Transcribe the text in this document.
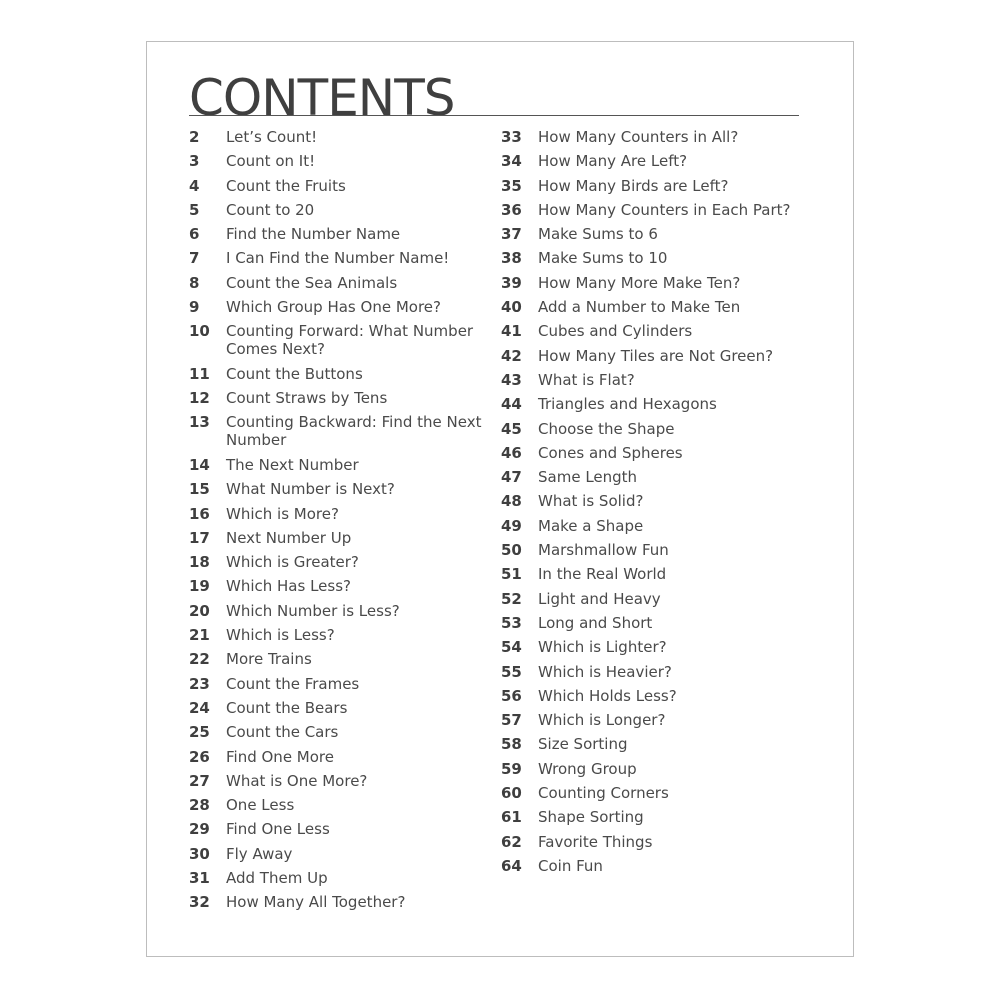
CONTENTS
2 Let’s Count!
3 Count on It!
4 Count the Fruits
5 Count to 20
6 Find the Number Name
7 I Can Find the Number Name!
8 Count the Sea Animals
9 Which Group Has One More?
10 Counting Forward: What Number Comes Next?
11 Count the Buttons
12 Count Straws by Tens
13 Counting Backward: Find the Next Number
14 The Next Number
15 What Number is Next?
16 Which is More?
17 Next Number Up
18 Which is Greater?
19 Which Has Less?
20 Which Number is Less?
21 Which is Less?
22 More Trains
23 Count the Frames
24 Count the Bears
25 Count the Cars
26 Find One More
27 What is One More?
28 One Less
29 Find One Less
30 Fly Away
31 Add Them Up
32 How Many All Together?
33	How Many Counters in All?
34	How Many Are Left?
35	How Many Birds are Left?
36	How Many Counters in Each Part?
37	Make Sums to 6
38	Make Sums to 10
39	How Many More Make Ten?
40	Add a Number to Make Ten
41	Cubes and Cylinders
42	How Many Tiles are Not Green?
43	What is Flat?
44	Triangles and Hexagons
45	Choose the Shape
46	Cones and Spheres
47	Same Length
48	What is Solid?
49	Make a Shape
50	Marshmallow Fun
51	In the Real World
52	Light and Heavy
53	Long and Short
54	Which is Lighter?
55	Which is Heavier?
56	Which Holds Less?
57	Which is Longer?
58	Size Sorting
59	Wrong Group
60	Counting Corners
61	Shape Sorting
62	Favorite Things
64	Coin Fun
